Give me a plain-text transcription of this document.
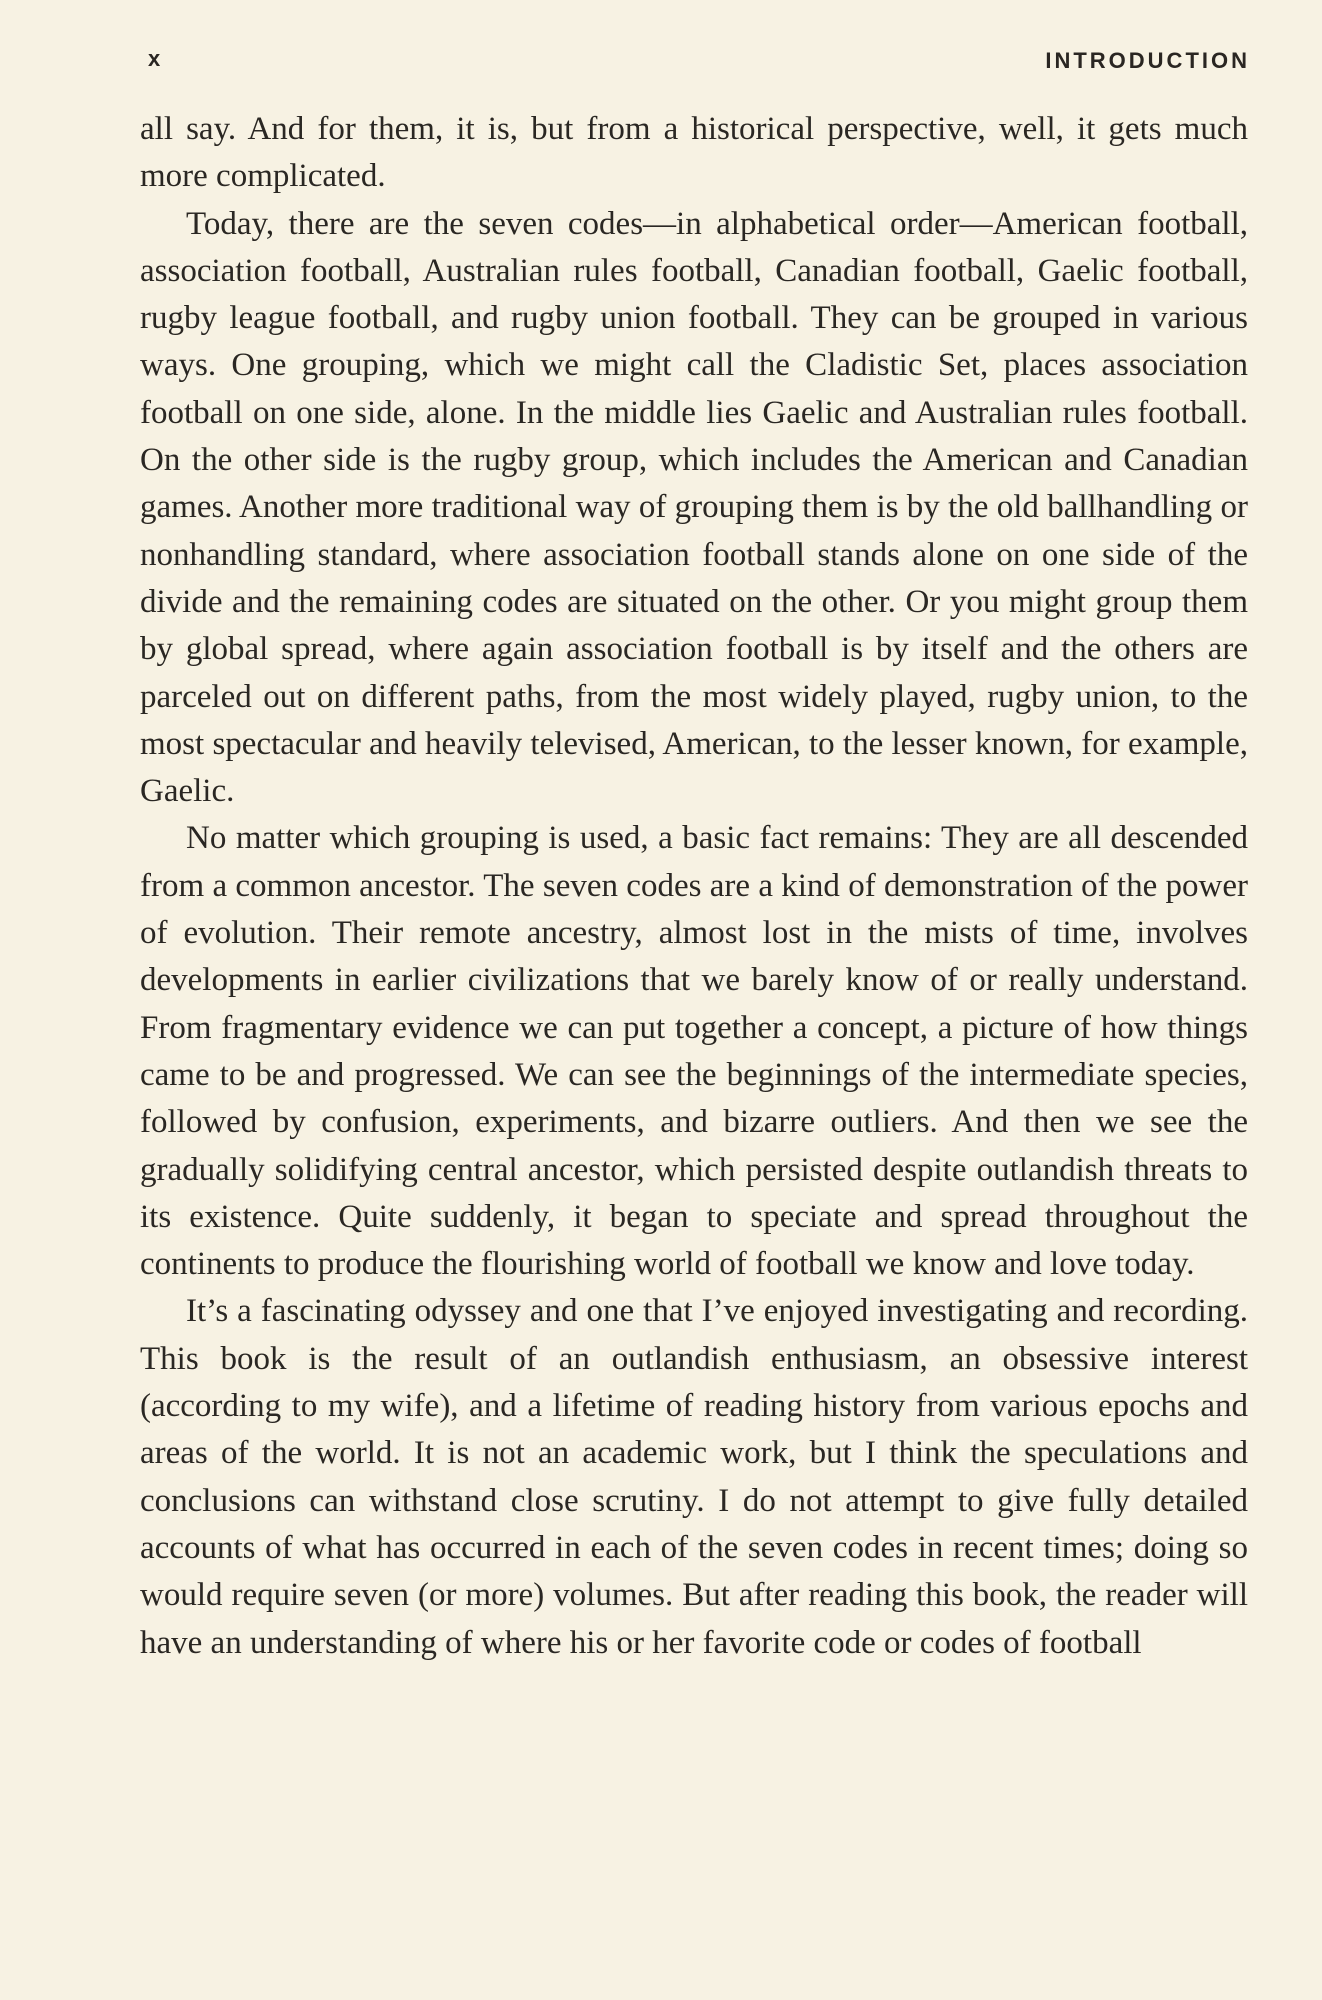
x	INTRODUCTION

all say. And for them, it is, but from a historical perspective, well, it gets much more complicated.

Today, there are the seven codes—in alphabetical order—American football, association football, Australian rules football, Canadian football, Gaelic football, rugby league football, and rugby union football. They can be grouped in various ways. One grouping, which we might call the Cladistic Set, places association football on one side, alone. In the middle lies Gaelic and Australian rules football. On the other side is the rugby group, which includes the American and Canadian games. Another more traditional way of grouping them is by the old ballhandling or nonhandling standard, where association football stands alone on one side of the divide and the remaining codes are situated on the other. Or you might group them by global spread, where again association football is by itself and the others are parceled out on different paths, from the most widely played, rugby union, to the most spectacular and heavily televised, American, to the lesser known, for example, Gaelic.

No matter which grouping is used, a basic fact remains: They are all descended from a common ancestor. The seven codes are a kind of demonstration of the power of evolution. Their remote ancestry, almost lost in the mists of time, involves developments in earlier civilizations that we barely know of or really understand. From fragmentary evidence we can put together a concept, a picture of how things came to be and progressed. We can see the beginnings of the intermediate species, followed by confusion, experiments, and bizarre outliers. And then we see the gradually solidifying central ancestor, which persisted despite outlandish threats to its existence. Quite suddenly, it began to speciate and spread throughout the continents to produce the flourishing world of football we know and love today.

It’s a fascinating odyssey and one that I’ve enjoyed investigating and recording. This book is the result of an outlandish enthusiasm, an obsessive interest (according to my wife), and a lifetime of reading history from various epochs and areas of the world. It is not an academic work, but I think the speculations and conclusions can withstand close scrutiny. I do not attempt to give fully detailed accounts of what has occurred in each of the seven codes in recent times; doing so would require seven (or more) volumes. But after reading this book, the reader will have an understanding of where his or her favorite code or codes of football
